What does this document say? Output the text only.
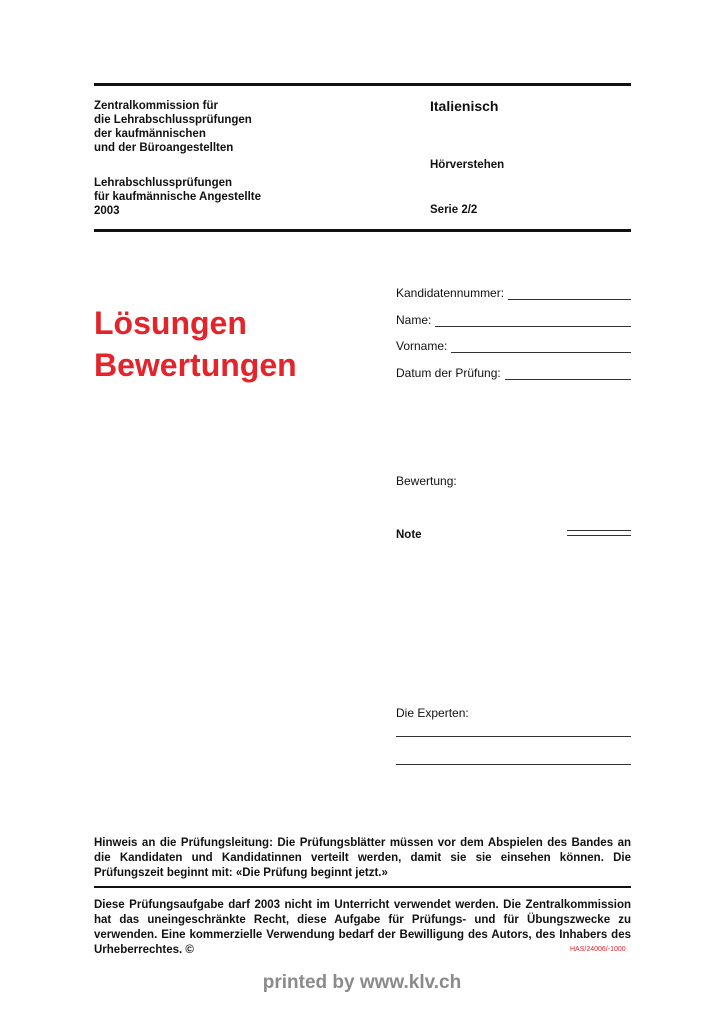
Zentralkommission für
die Lehrabschlussprüfungen
der kaufmännischen
und der Büroangestellten
Lehrabschlussprüfungen
für kaufmännische Angestellte
2003
Italienisch
Hörverstehen
Serie 2/2
Lösungen
Bewertungen
Kandidatennummer:
Name:
Vorname:
Datum der Prüfung:
Bewertung:
Note
Die Experten:
Hinweis an die Prüfungsleitung: Die Prüfungsblätter müssen vor dem Abspielen des Bandes an die Kandidaten und Kandidatinnen verteilt werden, damit sie sie einsehen können. Die Prüfungszeit beginnt mit: «Die Prüfung beginnt jetzt.»
Diese Prüfungsaufgabe darf 2003 nicht im Unterricht verwendet werden. Die Zentralkommission hat das uneingeschränkte Recht, diese Aufgabe für Prüfungs- und für Übungszwecke zu verwenden. Eine kommerzielle Verwendung bedarf der Bewilligung des Autors, des Inhabers des Urheberrechtes. ©	HAS/24006/-1000
printed by www.klv.ch
